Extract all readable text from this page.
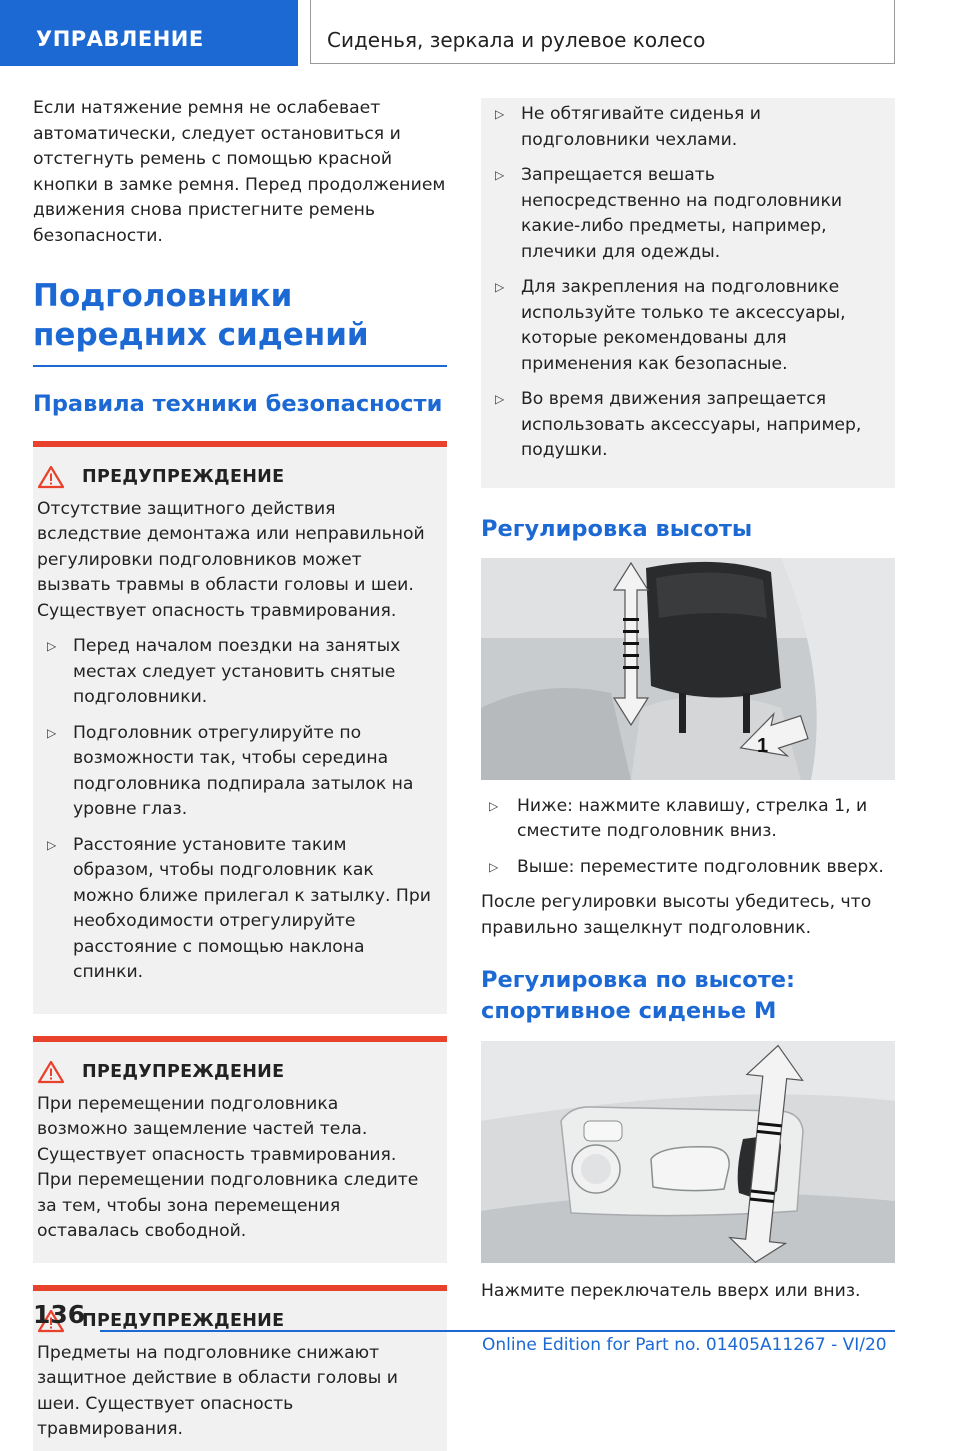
УПРАВЛЕНИЕ	Сиденья, зеркала и рулевое колесо

Если натяжение ремня не ослабевает автоматически, следует остановиться и отстегнуть ремень с помощью красной кнопки в замке ремня. Перед продолжением движения снова пристегните ремень безопасности.

Подголовники передних сидений
Правила техники безопасности
ПРЕДУПРЕЖДЕНИЕ

Отсутствие защитного действия вследствие демонтажа или неправильной регулировки подголовников может вызвать травмы в области головы и шеи. Существует опасность травмирования.

▷ Перед началом поездки на занятых местах следует установить снятые подголовники.
▷ Подголовник отрегулируйте по возможности так, чтобы середина подголовника подпирала затылок на уровне глаз.
▷ Расстояние установите таким образом, чтобы подголовник как можно ближе прилегал к затылку. При необходимости отрегулируйте расстояние с помощью наклона спинки.
ПРЕДУПРЕЖДЕНИЕ

При перемещении подголовника возможно защемление частей тела. Существует опасность травмирования. При перемещении подголовника следите за тем, чтобы зона перемещения оставалась свободной.

ПРЕДУПРЕЖДЕНИЕ

Предметы на подголовнике снижают защитное действие в области головы и шеи. Существует опасность травмирования.

▷ Не обтягивайте сиденья и подголовники чехлами.
▷ Запрещается вешать непосредственно на подголовники какие-либо предметы, например, плечики для одежды.
▷ Для закрепления на подголовнике используйте только те аксессуары, которые рекомендованы для применения как безопасные.
▷ Во время движения запрещается использовать аксессуары, например, подушки.
Регулировка высоты
1
▷	Ниже: нажмите клавишу, стрелка 1, и сместите подголовник вниз.
▷	Выше: переместите подголовник вверх.

После регулировки высоты убедитесь, что правильно защелкнут подголовник.

Регулировка по высоте: спортивное сиденье M

Нажмите переключатель вверх или вниз.

136
Online Edition for Part no. 01405A11267 - VI/20
